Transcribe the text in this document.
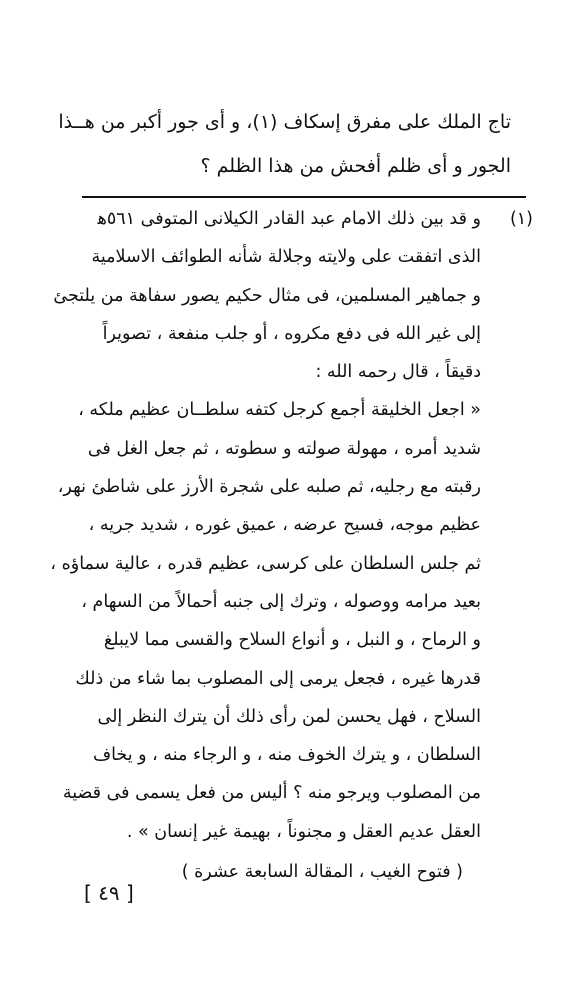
تاج الملك على مفرق إسكاف (١)، و أى جور أكبر من هــذا
الجور و أى ظلم أفحش من هذا الظلم ؟
(١)و قد بين ذلك الامام عبد القادر الكيلانى المتوفى ٥٦١ﻫ
الذى اتفقت على ولايته وجلالة شأنه الطوائف الاسلامية
و جماهير المسلمين، فى مثال حكيم يصور سفاهة من يلتجئ
إلى غير الله فى دفع مكروه ، أو جلب منفعة ، تصويراً
دقيقاً ، قال رحمه الله :
« اجعل الخليقة أجمع كرجل كتفه سلطــان عظيم ملكه ،
شديد أمره ، مهولة صولته و سطوته ، ثم جعل الغل فى
رقبته مع رجليه، ثم صلبه على شجرة الأرز على شاطئ نهر،
عظيم موجه، فسيح عرضه ، عميق غوره ، شديد جريه ،
ثم جلس السلطان على كرسى، عظيم قدره ، عالية سماؤه ،
بعيد مرامه ووصوله ، وترك إلى جنبه أحمالاً من السهام ،
و الرماح ، و النبل ، و أنواع السلاح والقسى مما لايبلغ
قدرها غيره ، فجعل يرمى إلى المصلوب بما شاء من ذلك
السلاح ، فهل يحسن لمن رأى ذلك أن يترك النظر إلى
السلطان ، و يترك الخوف منه ، و الرجاء منه ، و يخاف
من المصلوب ويرجو منه ؟ أليس من فعل يسمى فى قضية
العقل عديم العقل و مجنوناً ، بهيمة غير إنسان » .
( فتوح الغيب ، المقالة السابعة عشرة )
[ ٤٩ ]
